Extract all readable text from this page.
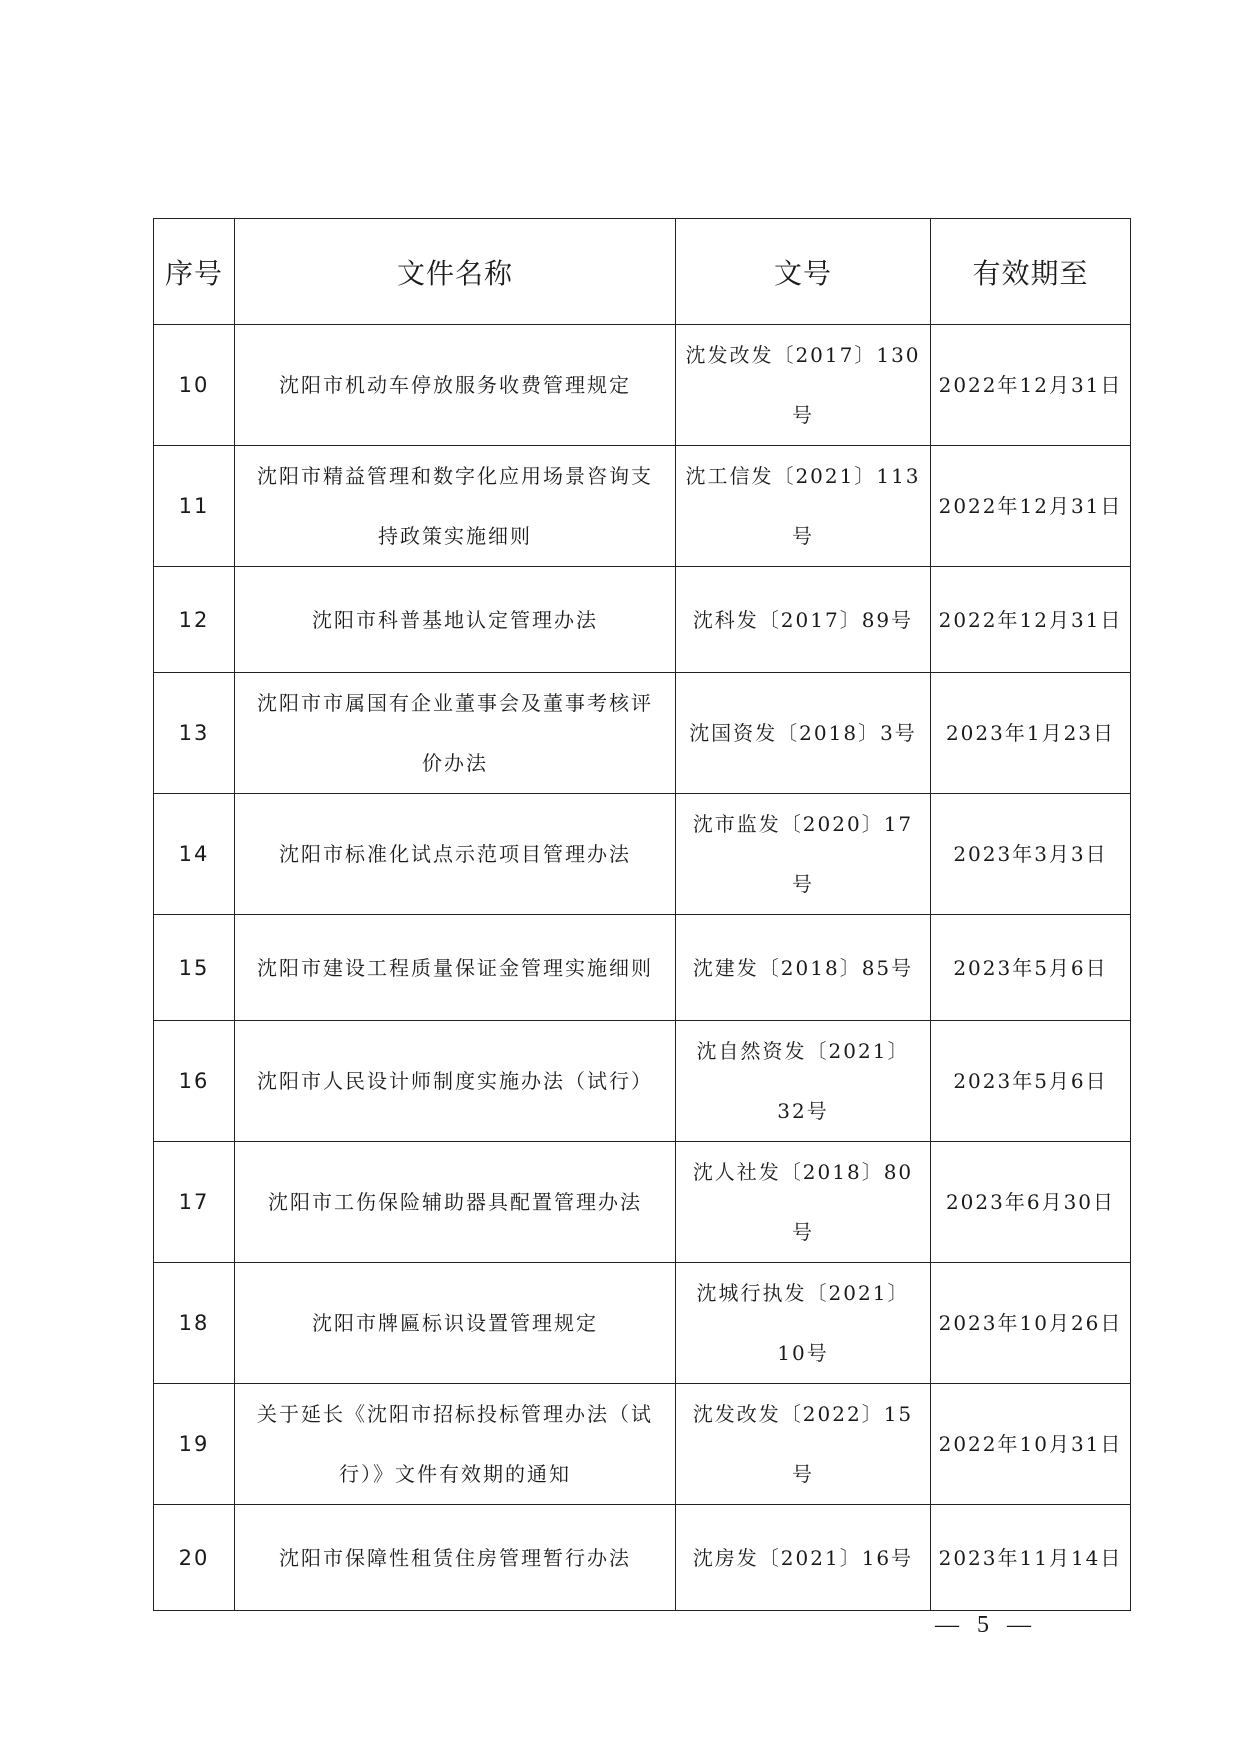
序号	文件名称	文号	有效期至
10	沈阳市机动车停放服务收费管理规定	沈发改发〔2017〕130号	2022年12月31日
11	沈阳市精益管理和数字化应用场景咨询支持政策实施细则	沈工信发〔2021〕113号	2022年12月31日
12	沈阳市科普基地认定管理办法	沈科发〔2017〕89号	2022年12月31日
13	沈阳市市属国有企业董事会及董事考核评价办法	沈国资发〔2018〕3号	2023年1月23日
14	沈阳市标准化试点示范项目管理办法	沈市监发〔2020〕17号	2023年3月3日
15	沈阳市建设工程质量保证金管理实施细则	沈建发〔2018〕85号	2023年5月6日
16	沈阳市人民设计师制度实施办法（试行）	沈自然资发〔2021〕32号	2023年5月6日
17	沈阳市工伤保险辅助器具配置管理办法	沈人社发〔2018〕80号	2023年6月30日
18	沈阳市牌匾标识设置管理规定	沈城行执发〔2021〕10号	2023年10月26日
19	关于延长《沈阳市招标投标管理办法（试行）》文件有效期的通知	沈发改发〔2022〕15号	2022年10月31日
20	沈阳市保障性租赁住房管理暂行办法	沈房发〔2021〕16号	2023年11月14日
— 5 —
